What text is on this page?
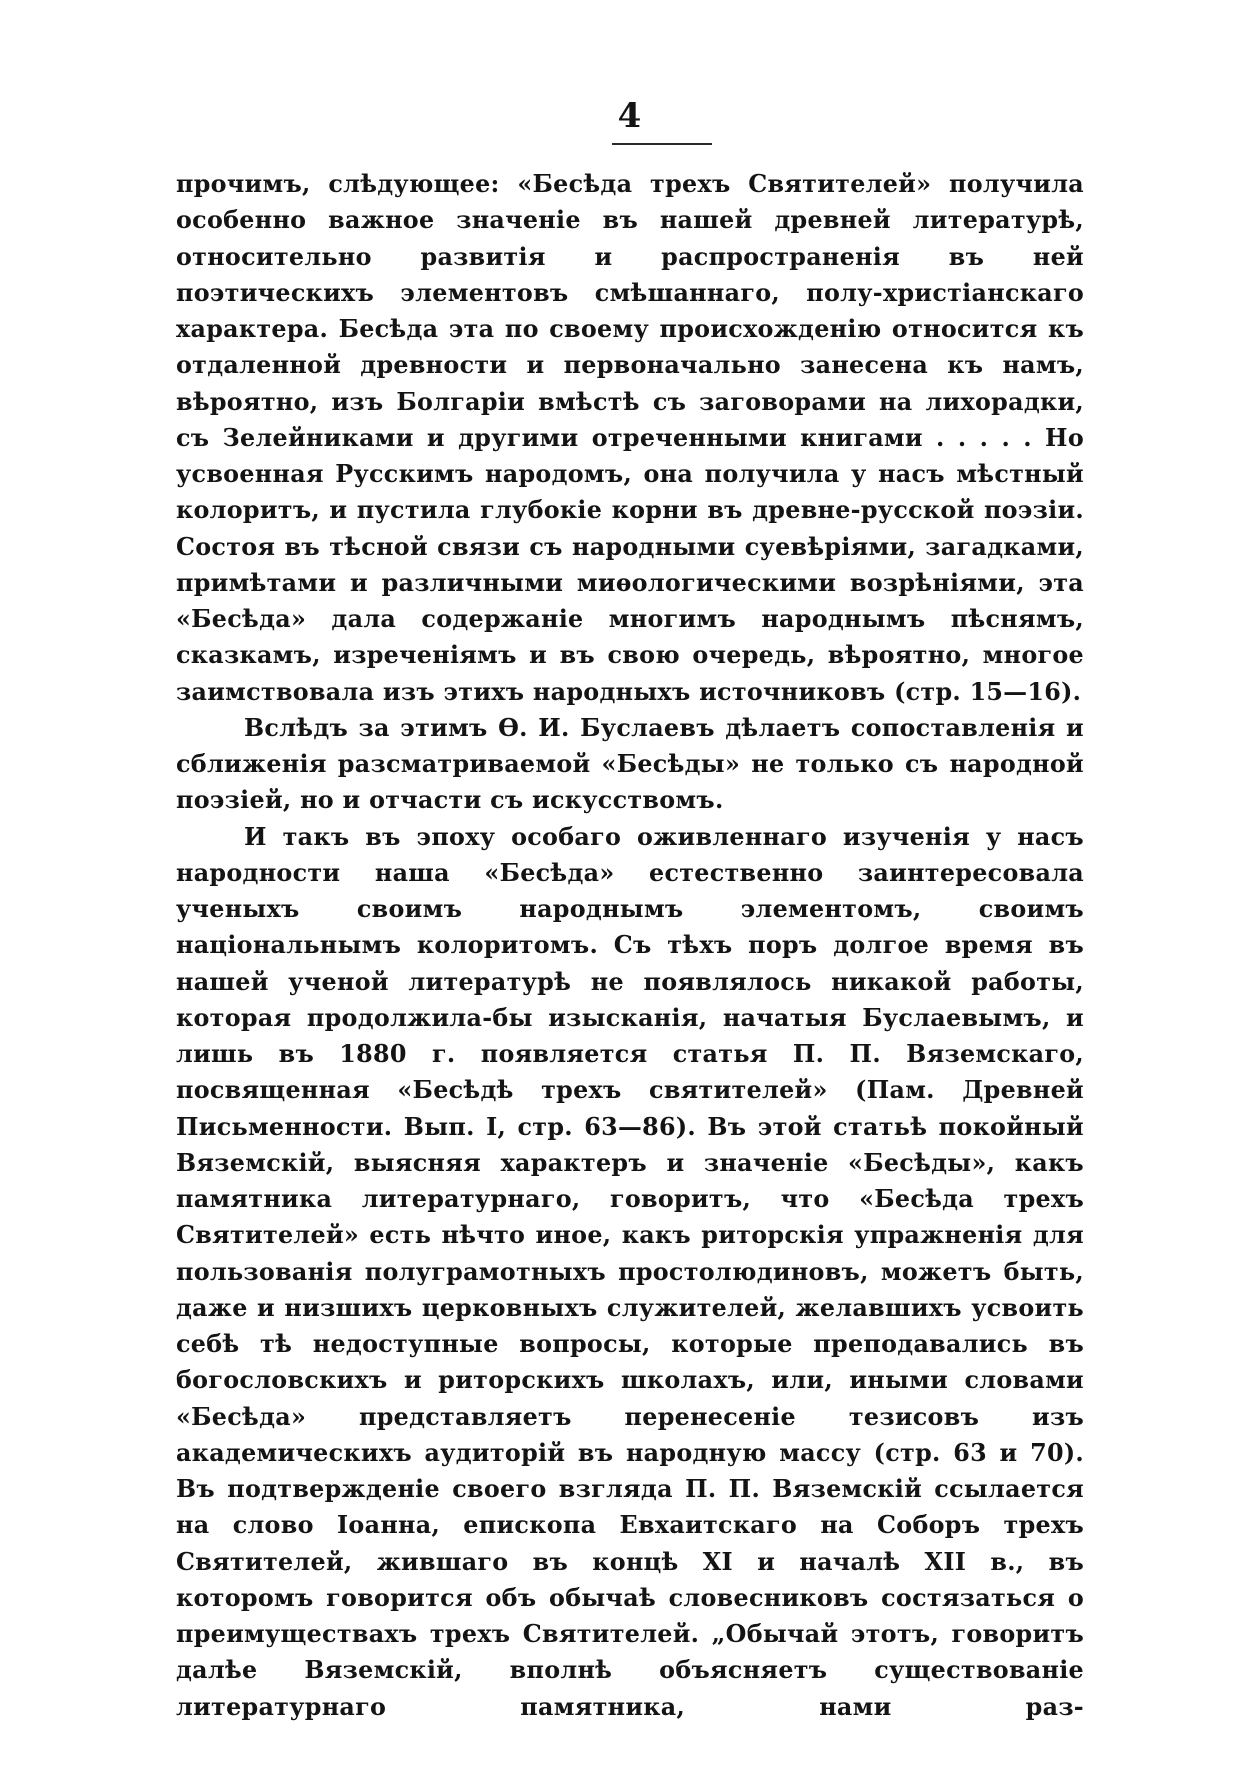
4

прочимъ, слѣдующее: «Бесѣда трехъ Святителей» получила особенно важное значеніе въ нашей древней литературѣ, относительно развитія и распространенія въ ней поэтическихъ элементовъ смѣшаннаго, полу-христіанскаго характера. Бесѣда эта по своему происхожденію относится къ отдаленной древности и первоначально занесена къ намъ, вѣроятно, изъ Болгаріи вмѣстѣ съ заговорами на лихорадки, съ Зелейниками и другими отреченными книгами . . . . . Но усвоенная Русскимъ народомъ, она получила у насъ мѣстный колоритъ, и пустила глубокіе корни въ древне-русской поэзіи. Состоя въ тѣсной связи съ народными суевѣріями, загадками, примѣтами и различными миѳологическими возрѣніями, эта «Бесѣда» дала содержаніе многимъ народнымъ пѣснямъ, сказкамъ, изреченіямъ и въ свою очередь, вѣроятно, многое заимствовала изъ этихъ народныхъ источниковъ (стр. 15—16).

Вслѣдъ за этимъ Ѳ. И. Буслаевъ дѣлаетъ сопоставленія и сближенія разсматриваемой «Бесѣды» не только съ народной поэзіей, но и отчасти съ искусствомъ.

И такъ въ эпоху особаго оживленнаго изученія у насъ народности наша «Бесѣда» естественно заинтересовала ученыхъ своимъ народнымъ элементомъ, своимъ національнымъ колоритомъ. Съ тѣхъ поръ долгое время въ нашей ученой литературѣ не появлялось никакой работы, которая продолжила-бы изысканія, начатыя Буслаевымъ, и лишь въ 1880 г. появляется статья П. П. Вяземскаго, посвященная «Бесѣдѣ трехъ святителей» (Пам. Древней Письменности. Вып. I, стр. 63—86). Въ этой статьѣ покойный Вяземскій, выясняя характеръ и значеніе «Бесѣды», какъ памятника литературнаго, говоритъ, что «Бесѣда трехъ Святителей» есть нѣчто иное, какъ риторскія упражненія для пользованія полуграмотныхъ простолюдиновъ, можетъ быть, даже и низшихъ церковныхъ служителей, желавшихъ усвоить себѣ тѣ недоступные вопросы, которые преподавались въ богословскихъ и риторскихъ школахъ, или, иными словами «Бесѣда» представляетъ перенесеніе тезисовъ изъ академическихъ аудиторій въ народную массу (стр. 63 и 70). Въ подтвержденіе своего взгляда П. П. Вяземскій ссылается на слово Іоанна, епископа Евхаитскаго на Соборъ трехъ Святителей, жившаго въ концѣ XI и началѣ XII в., въ которомъ говорится объ обычаѣ словесниковъ состязаться о преимуществахъ трехъ Святителей. „Обычай этотъ, говоритъ далѣе Вяземскій, вполнѣ объясняетъ существованіе литературнаго памятника, нами раз-
